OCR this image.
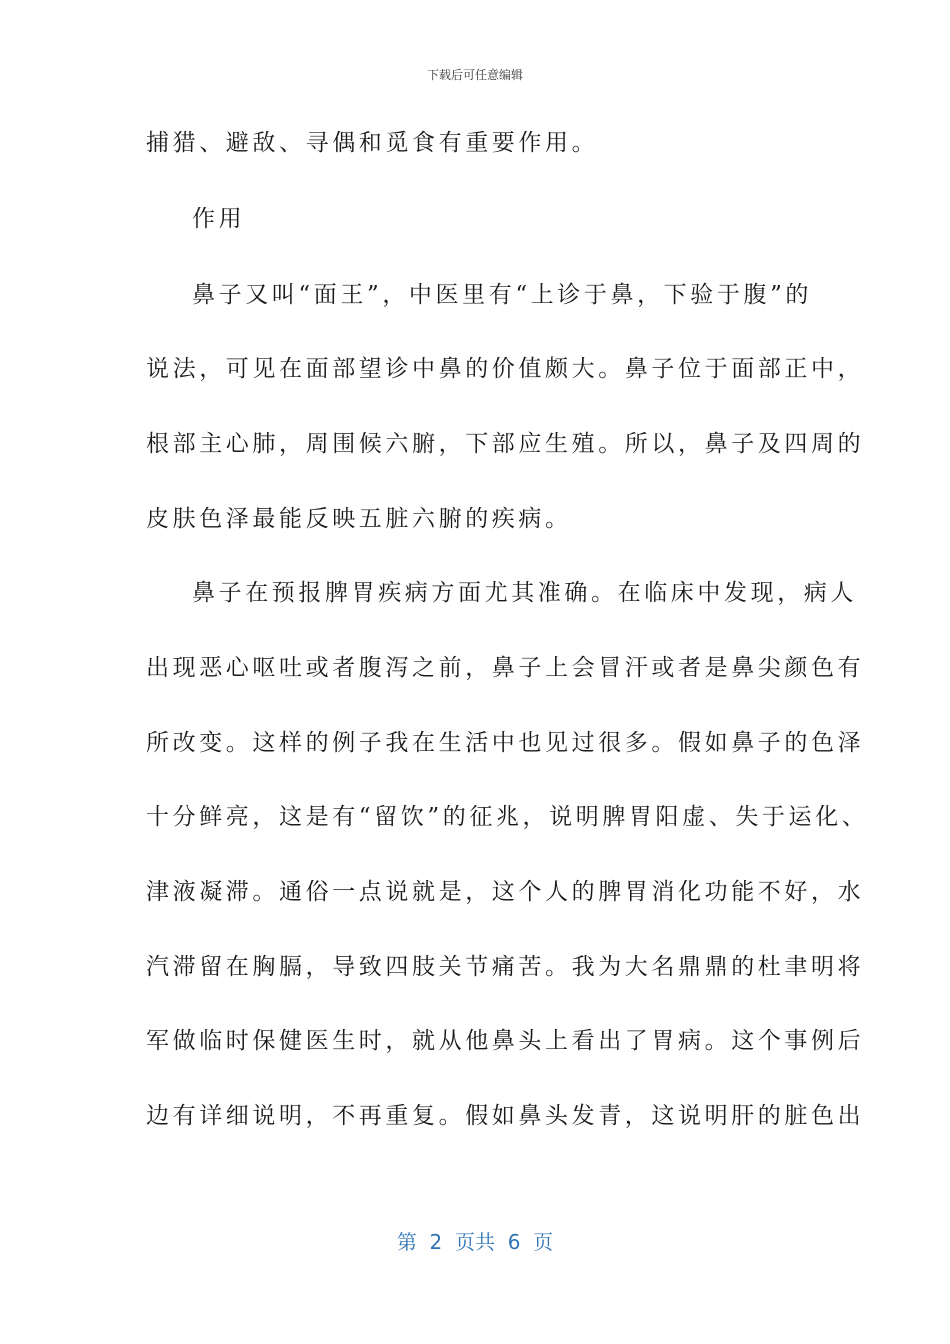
下载后可任意编辑
捕猎、避敌、寻偶和觅食有重要作用。
作用
鼻子又叫“面王”，中医里有“上诊于鼻，下验于腹”的
说法，可见在面部望诊中鼻的价值颇大。鼻子位于面部正中，
根部主心肺，周围候六腑，下部应生殖。所以，鼻子及四周的
皮肤色泽最能反映五脏六腑的疾病。
鼻子在预报脾胃疾病方面尤其准确。在临床中发现，病人
出现恶心呕吐或者腹泻之前，鼻子上会冒汗或者是鼻尖颜色有
所改变。这样的例子我在生活中也见过很多。假如鼻子的色泽
十分鲜亮，这是有“留饮”的征兆，说明脾胃阳虚、失于运化、
津液凝滞。通俗一点说就是，这个人的脾胃消化功能不好，水
汽滞留在胸膈，导致四肢关节痛苦。我为大名鼎鼎的杜聿明将
军做临时保健医生时，就从他鼻头上看出了胃病。这个事例后
边有详细说明，不再重复。假如鼻头发青，这说明肝的脏色出
第  2  页共  6  页
